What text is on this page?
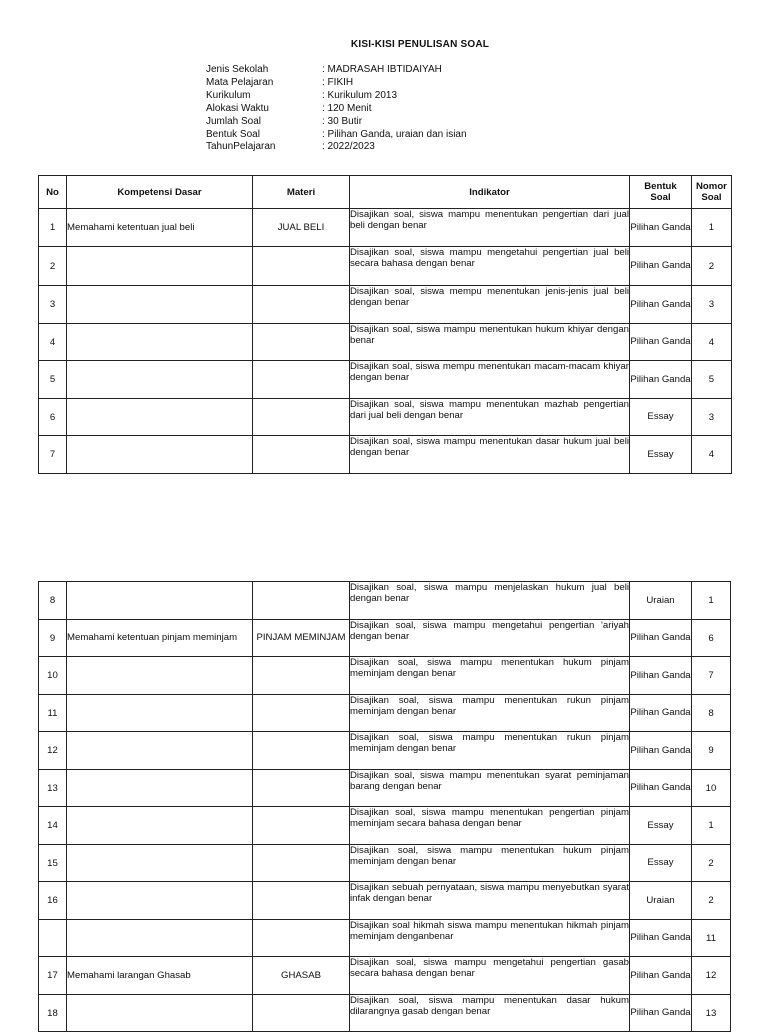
KISI-KISI PENULISAN SOAL
Jenis Sekolah	: MADRASAH IBTIDAIYAH
Mata Pelajaran	: FIKIH
Kurikulum	: Kurikulum 2013
Alokasi Waktu	: 120 Menit
Jumlah Soal	: 30 Butir
Bentuk Soal	: Pilihan Ganda, uraian dan isian
TahunPelajaran	: 2022/2023
No	Kompetensi Dasar	Materi	Indikator	Bentuk Soal	Nomor Soal
1	Memahami ketentuan jual beli	JUAL BELI	Disajikan soal, siswa mampu menentukan pengertian dari jual beli dengan benar	Pilihan Ganda	1
2			Disajikan soal, siswa mampu mengetahui pengertian jual beli secara bahasa dengan benar	Pilihan Ganda	2
3			Disajikan soal, siswa mempu menentukan jenis-jenis jual beli dengan benar	Pilihan Ganda	3
4			Disajikan soal, siswa mampu menentukan hukum khiyar dengan benar	Pilihan Ganda	4
5			Disajikan soal, siswa mempu menentukan macam-macam khiyar dengan benar	Pilihan Ganda	5
6			Disajikan soal, siswa mampu menentukan mazhab pengertian dari jual beli dengan benar	Essay	3
7			Disajikan soal, siswa mampu menentukan dasar hukum jual beli dengan benar	Essay	4
8			Disajikan soal, siswa mampu menjelaskan hukum jual beli dengan benar	Uraian	1
9	Memahami ketentuan pinjam meminjam	PINJAM MEMINJAM	Disajikan soal, siswa mampu mengetahui pengertian 'ariyah dengan benar	Pilihan Ganda	6
10			Disajikan soal, siswa mampu menentukan hukum pinjam meminjam dengan benar	Pilihan Ganda	7
11			Disajikan soal, siswa mampu menentukan rukun pinjam meminjam dengan benar	Pilihan Ganda	8
12			Disajikan soal, siswa mampu menentukan rukun pinjam meminjam dengan benar	Pilihan Ganda	9
13			Disajikan soal, siswa mampu menentukan syarat peminjaman barang dengan benar	Pilihan Ganda	10
14			Disajikan soal, siswa mampu menentukan pengertian pinjam meminjam secara bahasa dengan benar	Essay	1
15			Disajikan soal, siswa mampu menentukan hukum pinjam meminjam dengan benar	Essay	2
16			Disajikan sebuah pernyataan, siswa mampu menyebutkan syarat infak dengan benar	Uraian	2
			Disajikan soal hikmah siswa mampu menentukan hikmah pinjam meminjam denganbenar	Pilihan Ganda	11
17	Memahami larangan Ghasab	GHASAB	Disajikan soal, siswa mampu mengetahui pengertian gasab secara bahasa dengan benar	Pilihan Ganda	12
18			Disajikan soal, siswa mampu menentukan dasar hukum dilarangnya gasab dengan benar	Pilihan Ganda	13
